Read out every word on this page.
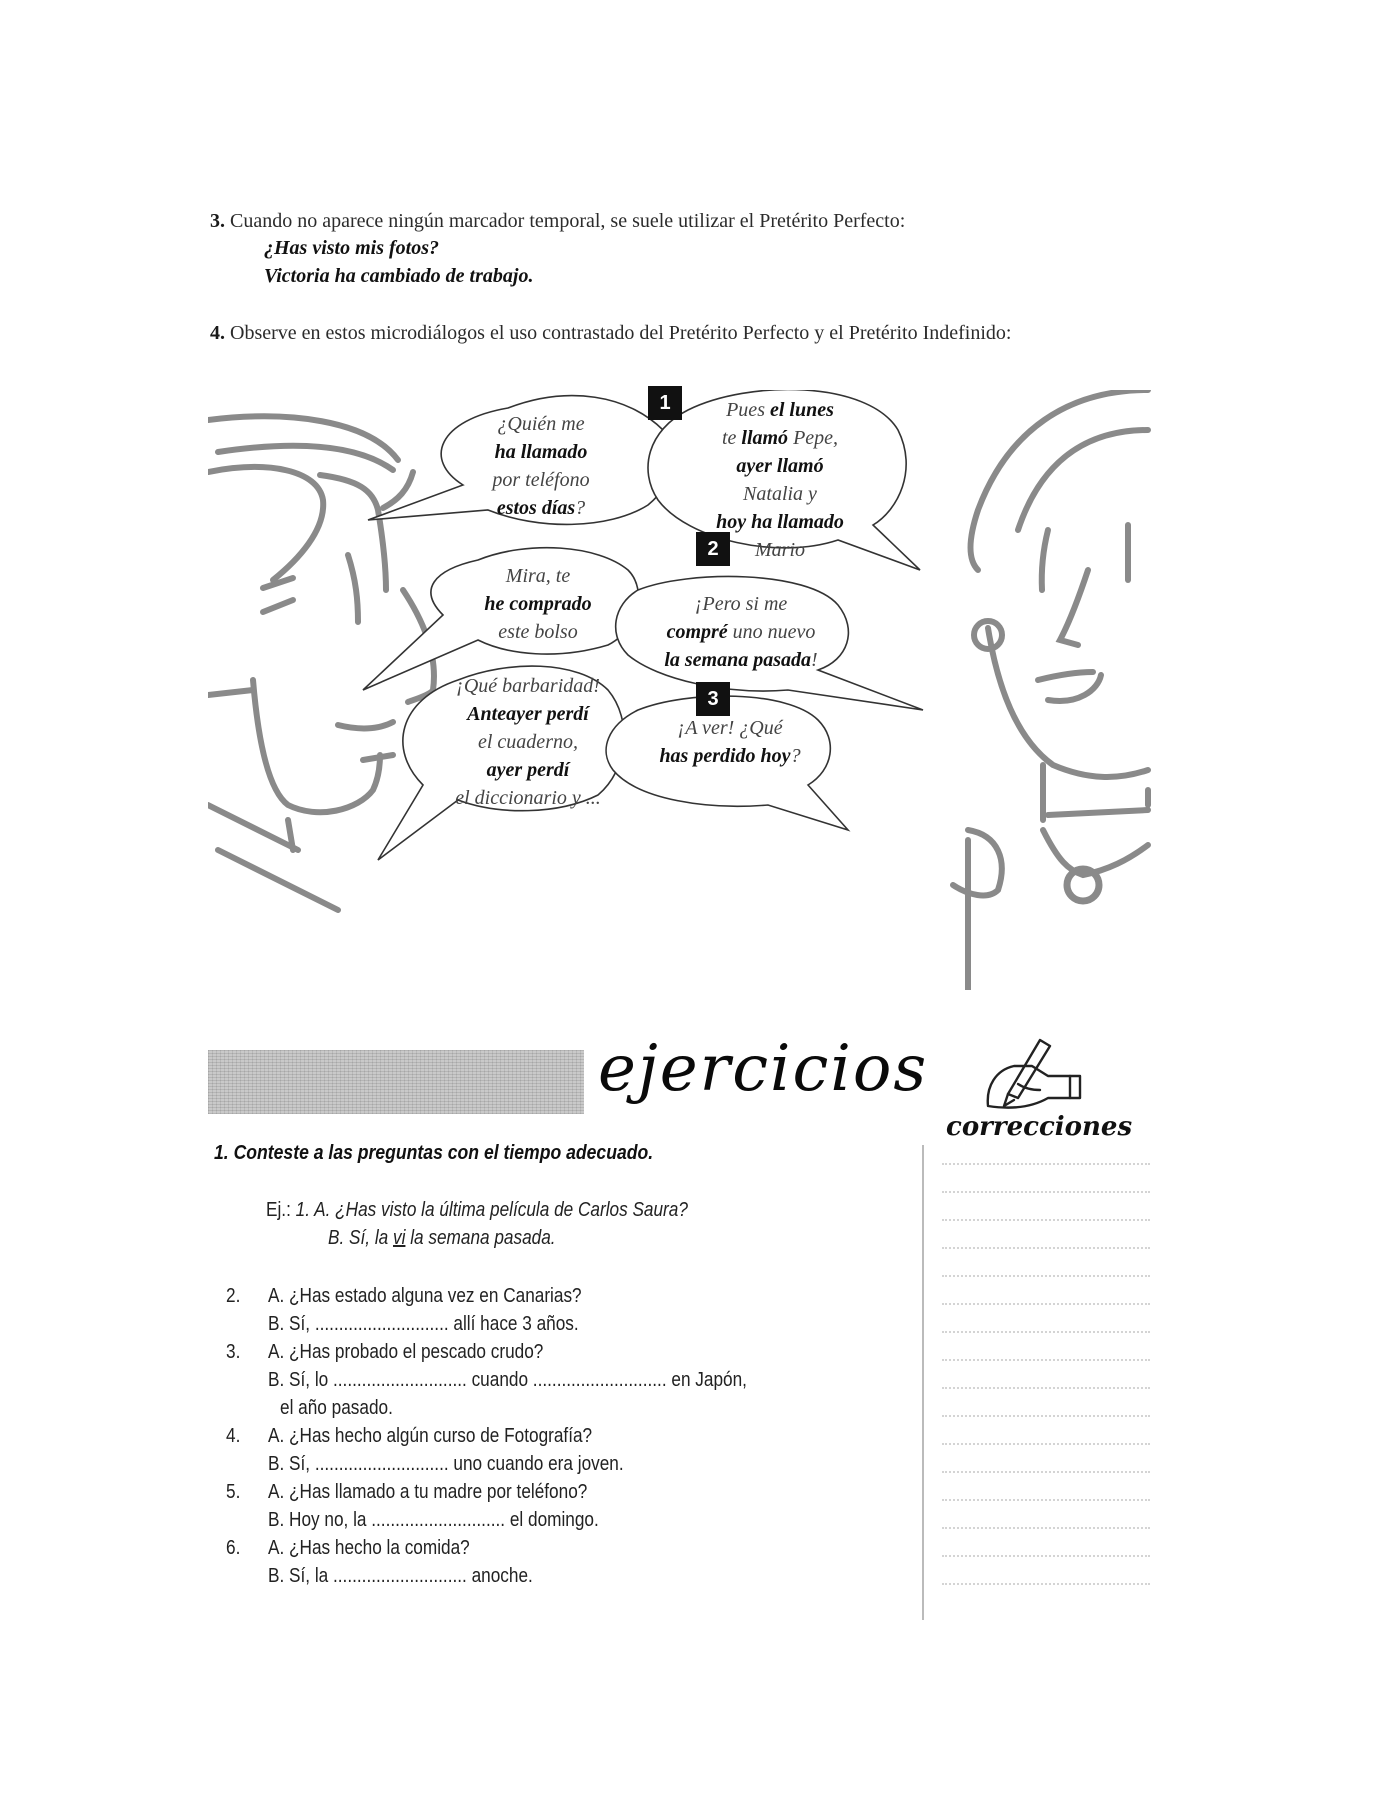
3. Cuando no aparece ningún marcador temporal, se suele utilizar el Pretérito Perfecto:
¿Has visto mis fotos?
Victoria ha cambiado de trabajo.
4. Observe en estos microdiálogos el uso contrastado del Pretérito Perfecto y el Pretérito Indefinido:
1
2
3
¿Quién me
ha llamado
por teléfono
estos días?
Pues el lunes
te llamó Pepe,
ayer llamó
Natalia y
hoy ha llamado
Mario
Mira, te
he comprado
este bolso
¡Pero si me
compré uno nuevo
la semana pasada!
¡Qué barbaridad!
Anteayer perdí
el cuaderno,
ayer perdí
el diccionario y ...
¡A ver! ¿Qué
has perdido hoy?
ejercicios
correcciones
1. Conteste a las preguntas con el tiempo adecuado.
Ej.: 1. A. ¿Has visto la última película de Carlos Saura?
B. Sí, la vi la semana pasada.
2. A. ¿Has estado alguna vez en Canarias?
B. Sí, ............................ allí hace 3 años.
3. A. ¿Has probado el pescado crudo?
B. Sí, lo ............................ cuando ............................ en Japón,
el año pasado.
4. A. ¿Has hecho algún curso de Fotografía?
B. Sí, ............................ uno cuando era joven.
5. A. ¿Has llamado a tu madre por teléfono?
B. Hoy no, la ............................ el domingo.
6. A. ¿Has hecho la comida?
B. Sí, la ............................ anoche.
